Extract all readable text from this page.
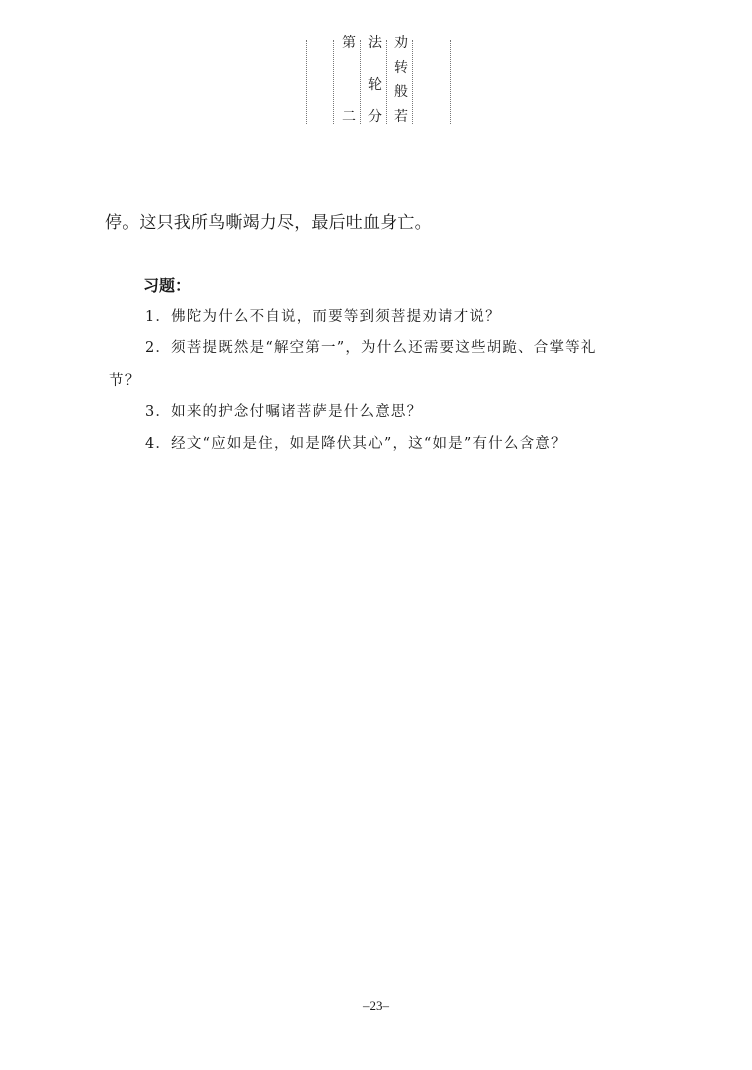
第
二
法
轮
分
劝
转
般
若
停。这只我所鸟嘶竭力尽，最后吐血身亡。
习题：
1．佛陀为什么不自说，而要等到须菩提劝请才说？
2．须菩提既然是“解空第一”，为什么还需要这些胡跪、合掌等礼
节？
3．如来的护念付嘱诸菩萨是什么意思？
4．经文“应如是住，如是降伏其心”，这“如是”有什么含意？
–23–
